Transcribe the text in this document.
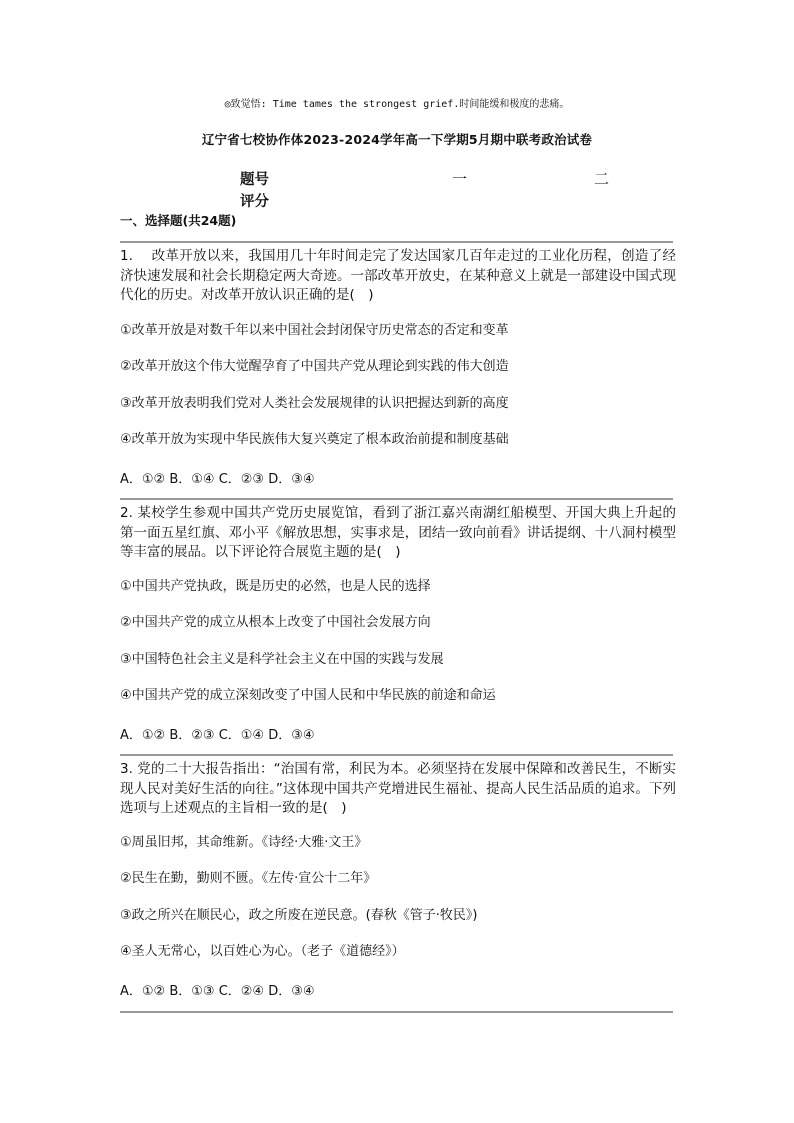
◎致觉悟: Time tames the strongest grief.时间能缓和极度的悲痛。
辽宁省七校协作体2023-2024学年高一下学期5月期中联考政治试卷
题号
评分
一	二
一、选择题(共24题)
1.　 改革开放以来，我国用几十年时间走完了发达国家几百年走过的工业化历程，创造了经济快速发展和社会长期稳定两大奇迹。一部改革开放史，在某种意义上就是一部建设中国式现代化的历史。对改革开放认识正确的是(　)
①改革开放是对数千年以来中国社会封闭保守历史常态的否定和变革
②改革开放这个伟大觉醒孕育了中国共产党从理论到实践的伟大创造
③改革开放表明我们党对人类社会发展规律的认识把握达到新的高度
④改革开放为实现中华民族伟大复兴奠定了根本政治前提和制度基础
A．①② B．①④ C．②③ D．③④
2. 某校学生参观中国共产党历史展览馆，看到了浙江嘉兴南湖红船模型、开国大典上升起的第一面五星红旗、邓小平《解放思想，实事求是，团结一致向前看》讲话提纲、十八洞村模型等丰富的展品。以下评论符合展览主题的是(　)
①中国共产党执政，既是历史的必然，也是人民的选择
②中国共产党的成立从根本上改变了中国社会发展方向
③中国特色社会主义是科学社会主义在中国的实践与发展
④中国共产党的成立深刻改变了中国人民和中华民族的前途和命运
A．①② B．②③ C．①④ D．③④
3. 党的二十大报告指出：“治国有常，利民为本。必须坚持在发展中保障和改善民生，不断实现人民对美好生活的向往。”这体现中国共产党增进民生福祉、提高人民生活品质的追求。下列选项与上述观点的主旨相一致的是(　)
①周虽旧邦，其命维新。《诗经·大雅·文王》
②民生在勤，勤则不匮。《左传·宣公十二年》
③政之所兴在顺民心，政之所废在逆民意。(春秋《管子·牧民》)
④圣人无常心，以百姓心为心。（老子《道德经》）
A．①② B．①③ C．②④ D．③④
